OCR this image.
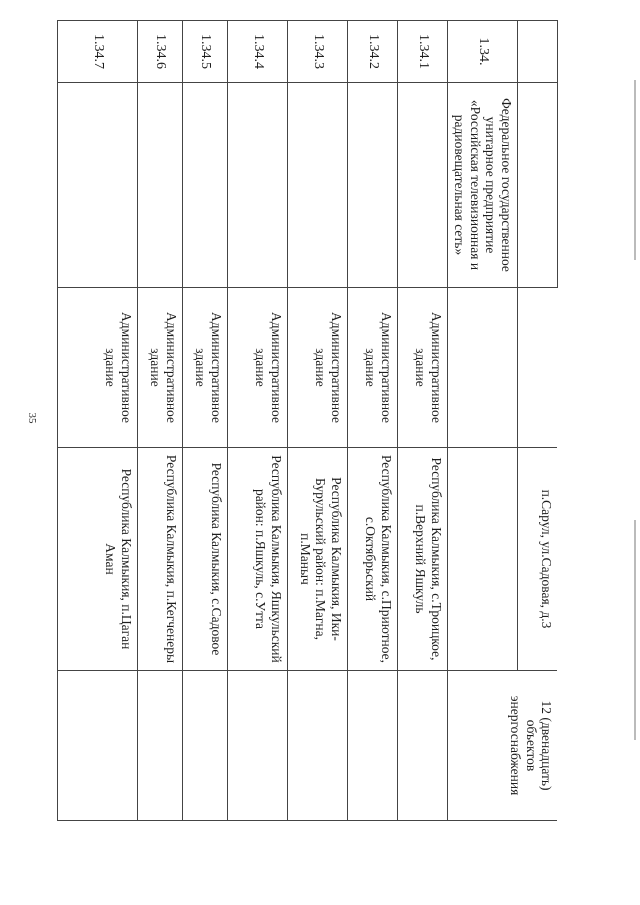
35
			п.Сарул, ул.Садовая, д.3	12 (двенадцать) объектов энергоснабжения
1.34.	Федеральное государственное унитарное предприятие «Российская телевизионная и радиовещательная сеть»			
1.34.1		Административное здание	Республика Калмыкия, с.Троицкое, п.Верхний Яшкуль	
1.34.2		Административное здание	Республика Калмыкия, с.Приютное, с.Октябрьский	
1.34.3		Административное здание	Республика Калмыкия, Ики-Бурульский район: п.Магна, п.Маныч	
1.34.4		Административное здание	Республика Калмыкия, Яшкульский район: п.Яшкуль, с.Утта	
1.34.5		Административное здание	Республика Калмыкия, с.Садовое	
1.34.6		Административное здание	Республика Калмыкия, п.Кегченеры	
1.34.7		Административное здание	Республика Калмыкия, п.Цаган Аман	
